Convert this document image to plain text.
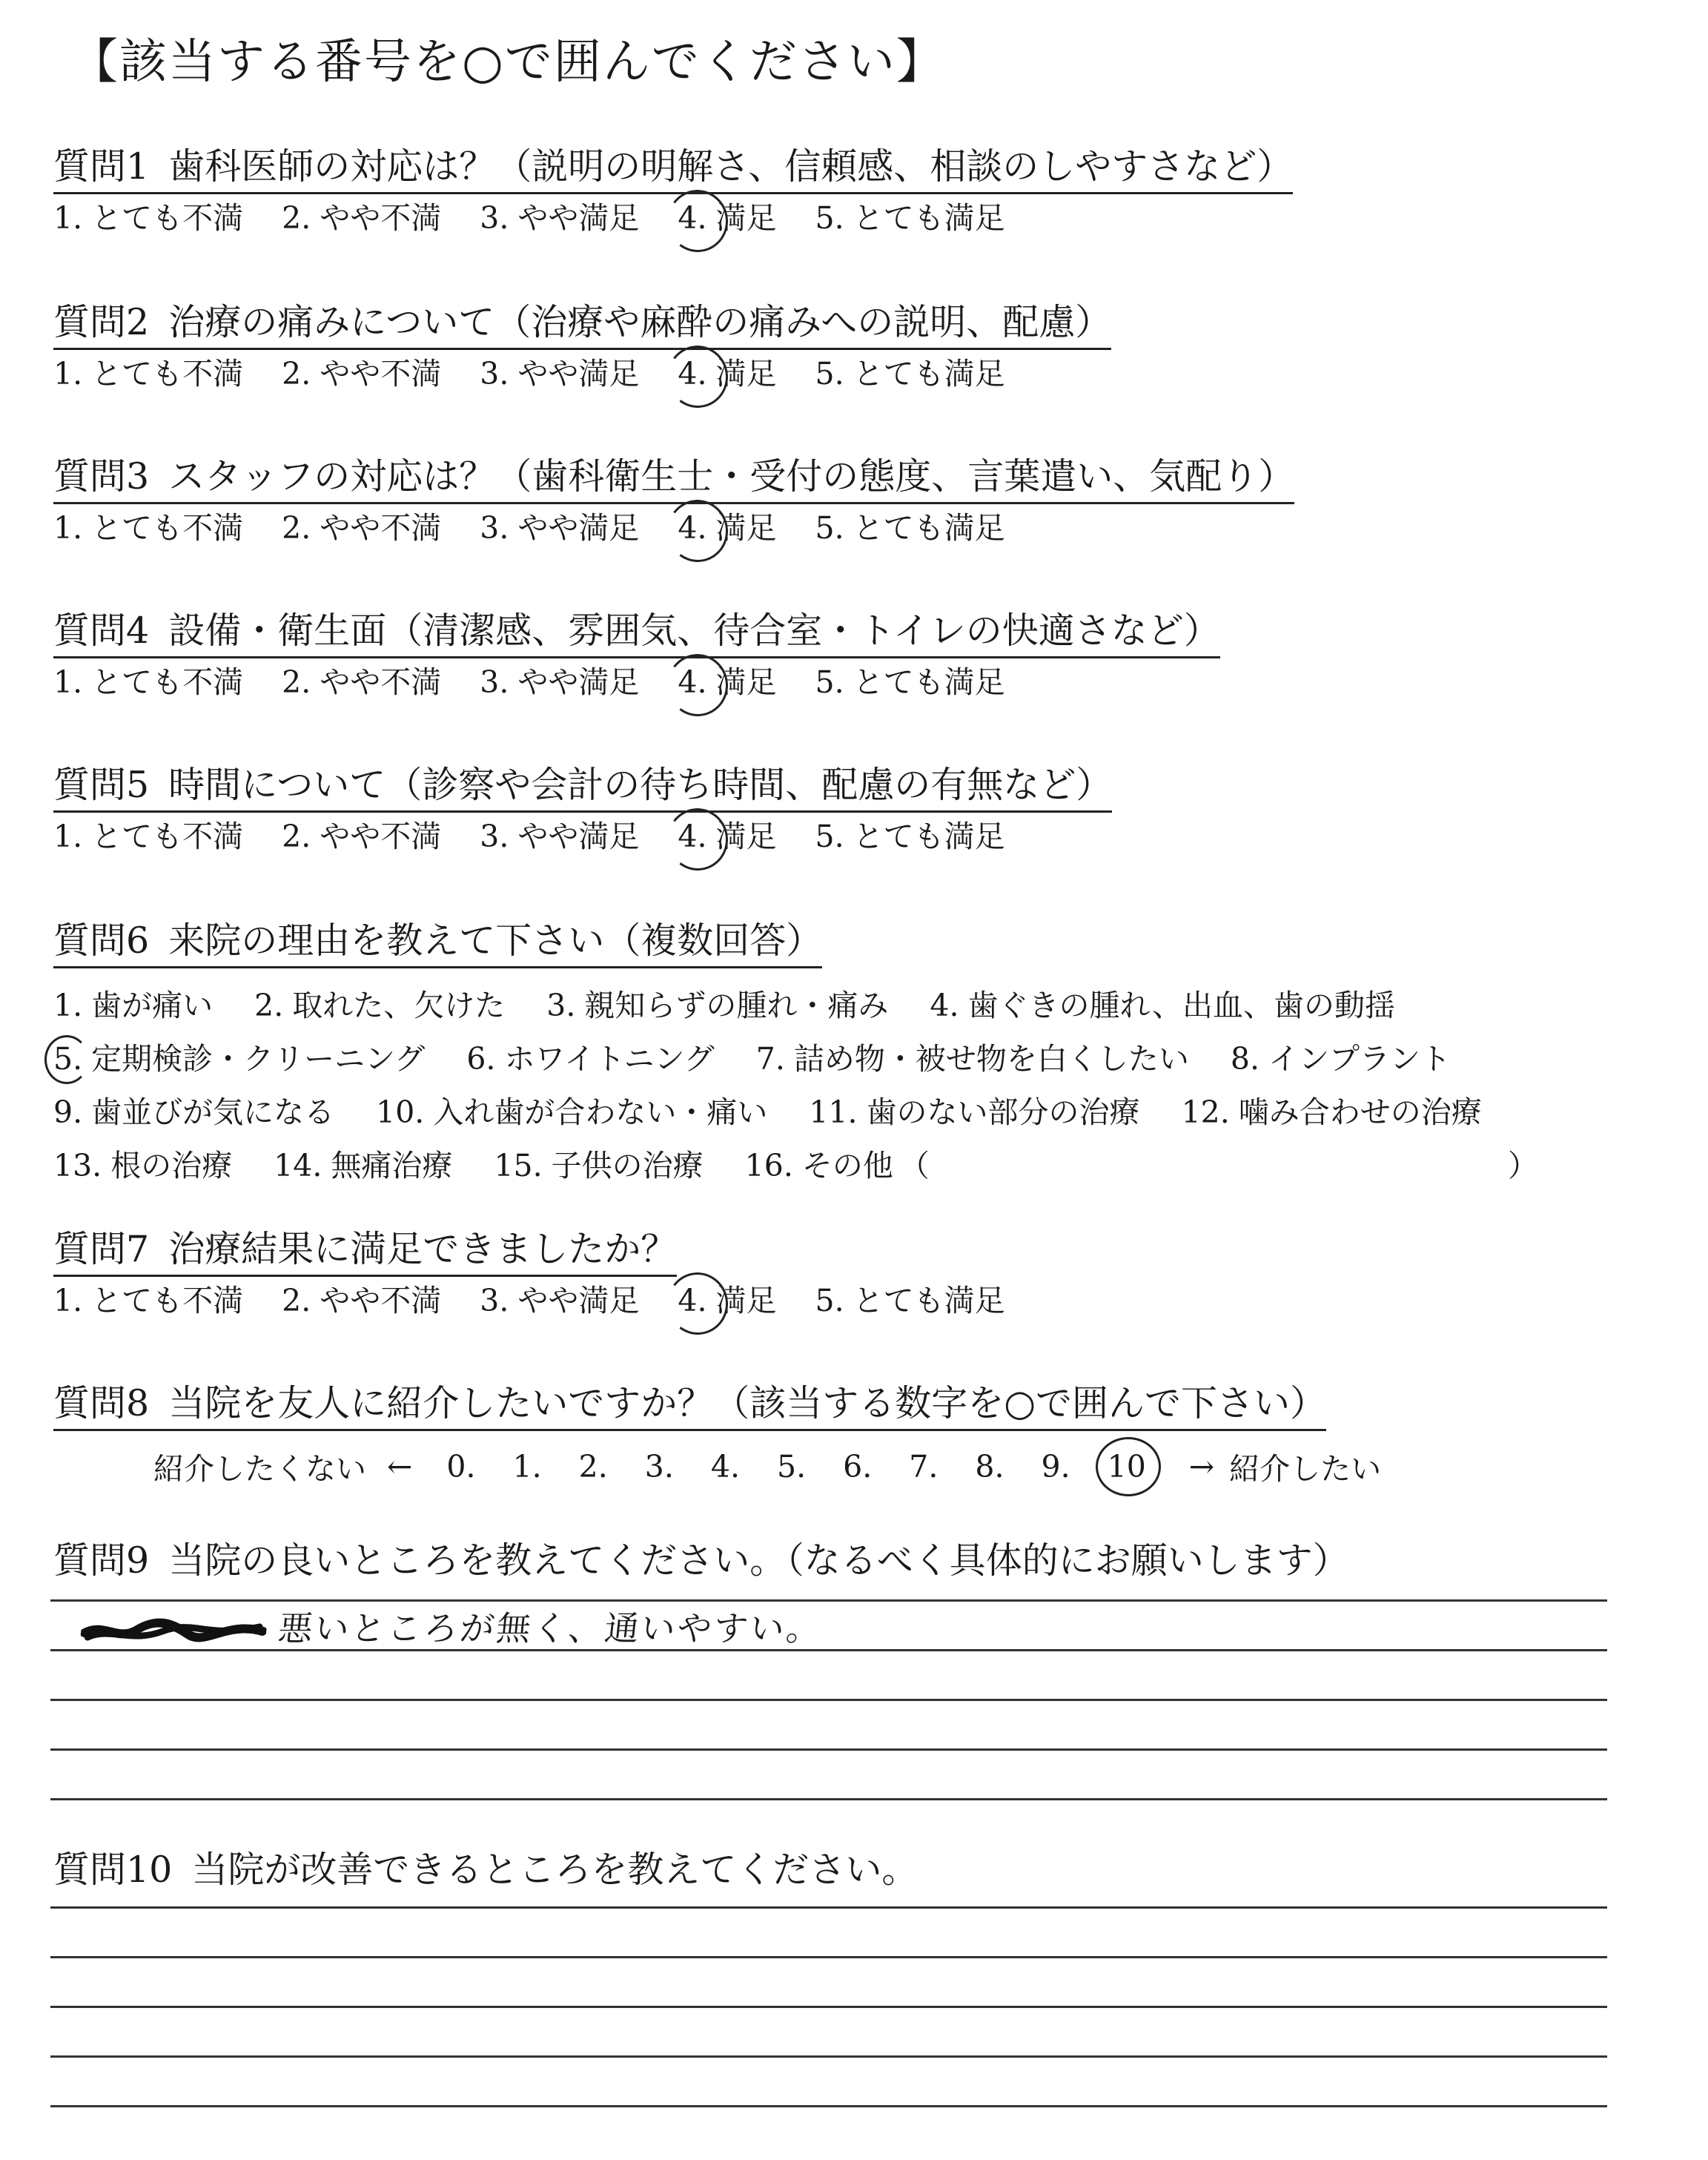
【該当する番号を○で囲んでください】
質問1 歯科医師の対応は？（説明の明解さ、信頼感、相談のしやすさなど）
1. とても不満 2. やや不満 3. やや満足 4. 満足 5. とても満足
質問2 治療の痛みについて（治療や麻酔の痛みへの説明、配慮）
1. とても不満 2. やや不満 3. やや満足 4. 満足 5. とても満足
質問3 スタッフの対応は？（歯科衛生士・受付の態度、言葉遣い、気配り）
1. とても不満 2. やや不満 3. やや満足 4. 満足 5. とても満足
質問4 設備・衛生面（清潔感、雰囲気、待合室・トイレの快適さなど）
1. とても不満 2. やや不満 3. やや満足 4. 満足 5. とても満足
質問5 時間について（診察や会計の待ち時間、配慮の有無など）
1. とても不満 2. やや不満 3. やや満足 4. 満足 5. とても満足
質問6 来院の理由を教えて下さい（複数回答）
1. 歯が痛い 2. 取れた、欠けた 3. 親知らずの腫れ・痛み 4. 歯ぐきの腫れ、出血、歯の動揺
5. 定期検診・クリーニング 6. ホワイトニング 7. 詰め物・被せ物を白くしたい 8. インプラント
9. 歯並びが気になる 10. 入れ歯が合わない・痛い 11. 歯のない部分の治療 12. 噛み合わせの治療
13. 根の治療 14. 無痛治療 15. 子供の治療 16. その他 （	）
質問7 治療結果に満足できましたか？
1. とても不満 2. やや不満 3. やや満足 4. 満足 5. とても満足
質問8 当院を友人に紹介したいですか？（該当する数字を○で囲んで下さい）
紹介したくない ← 0. 1. 2. 3. 4. 5. 6. 7. 8. 9. 10 → 紹介したい
質問9 当院の良いところを教えてください。（なるべく具体的にお願いします）
悪いところが無く、通いやすい。
質問10 当院が改善できるところを教えてください。
